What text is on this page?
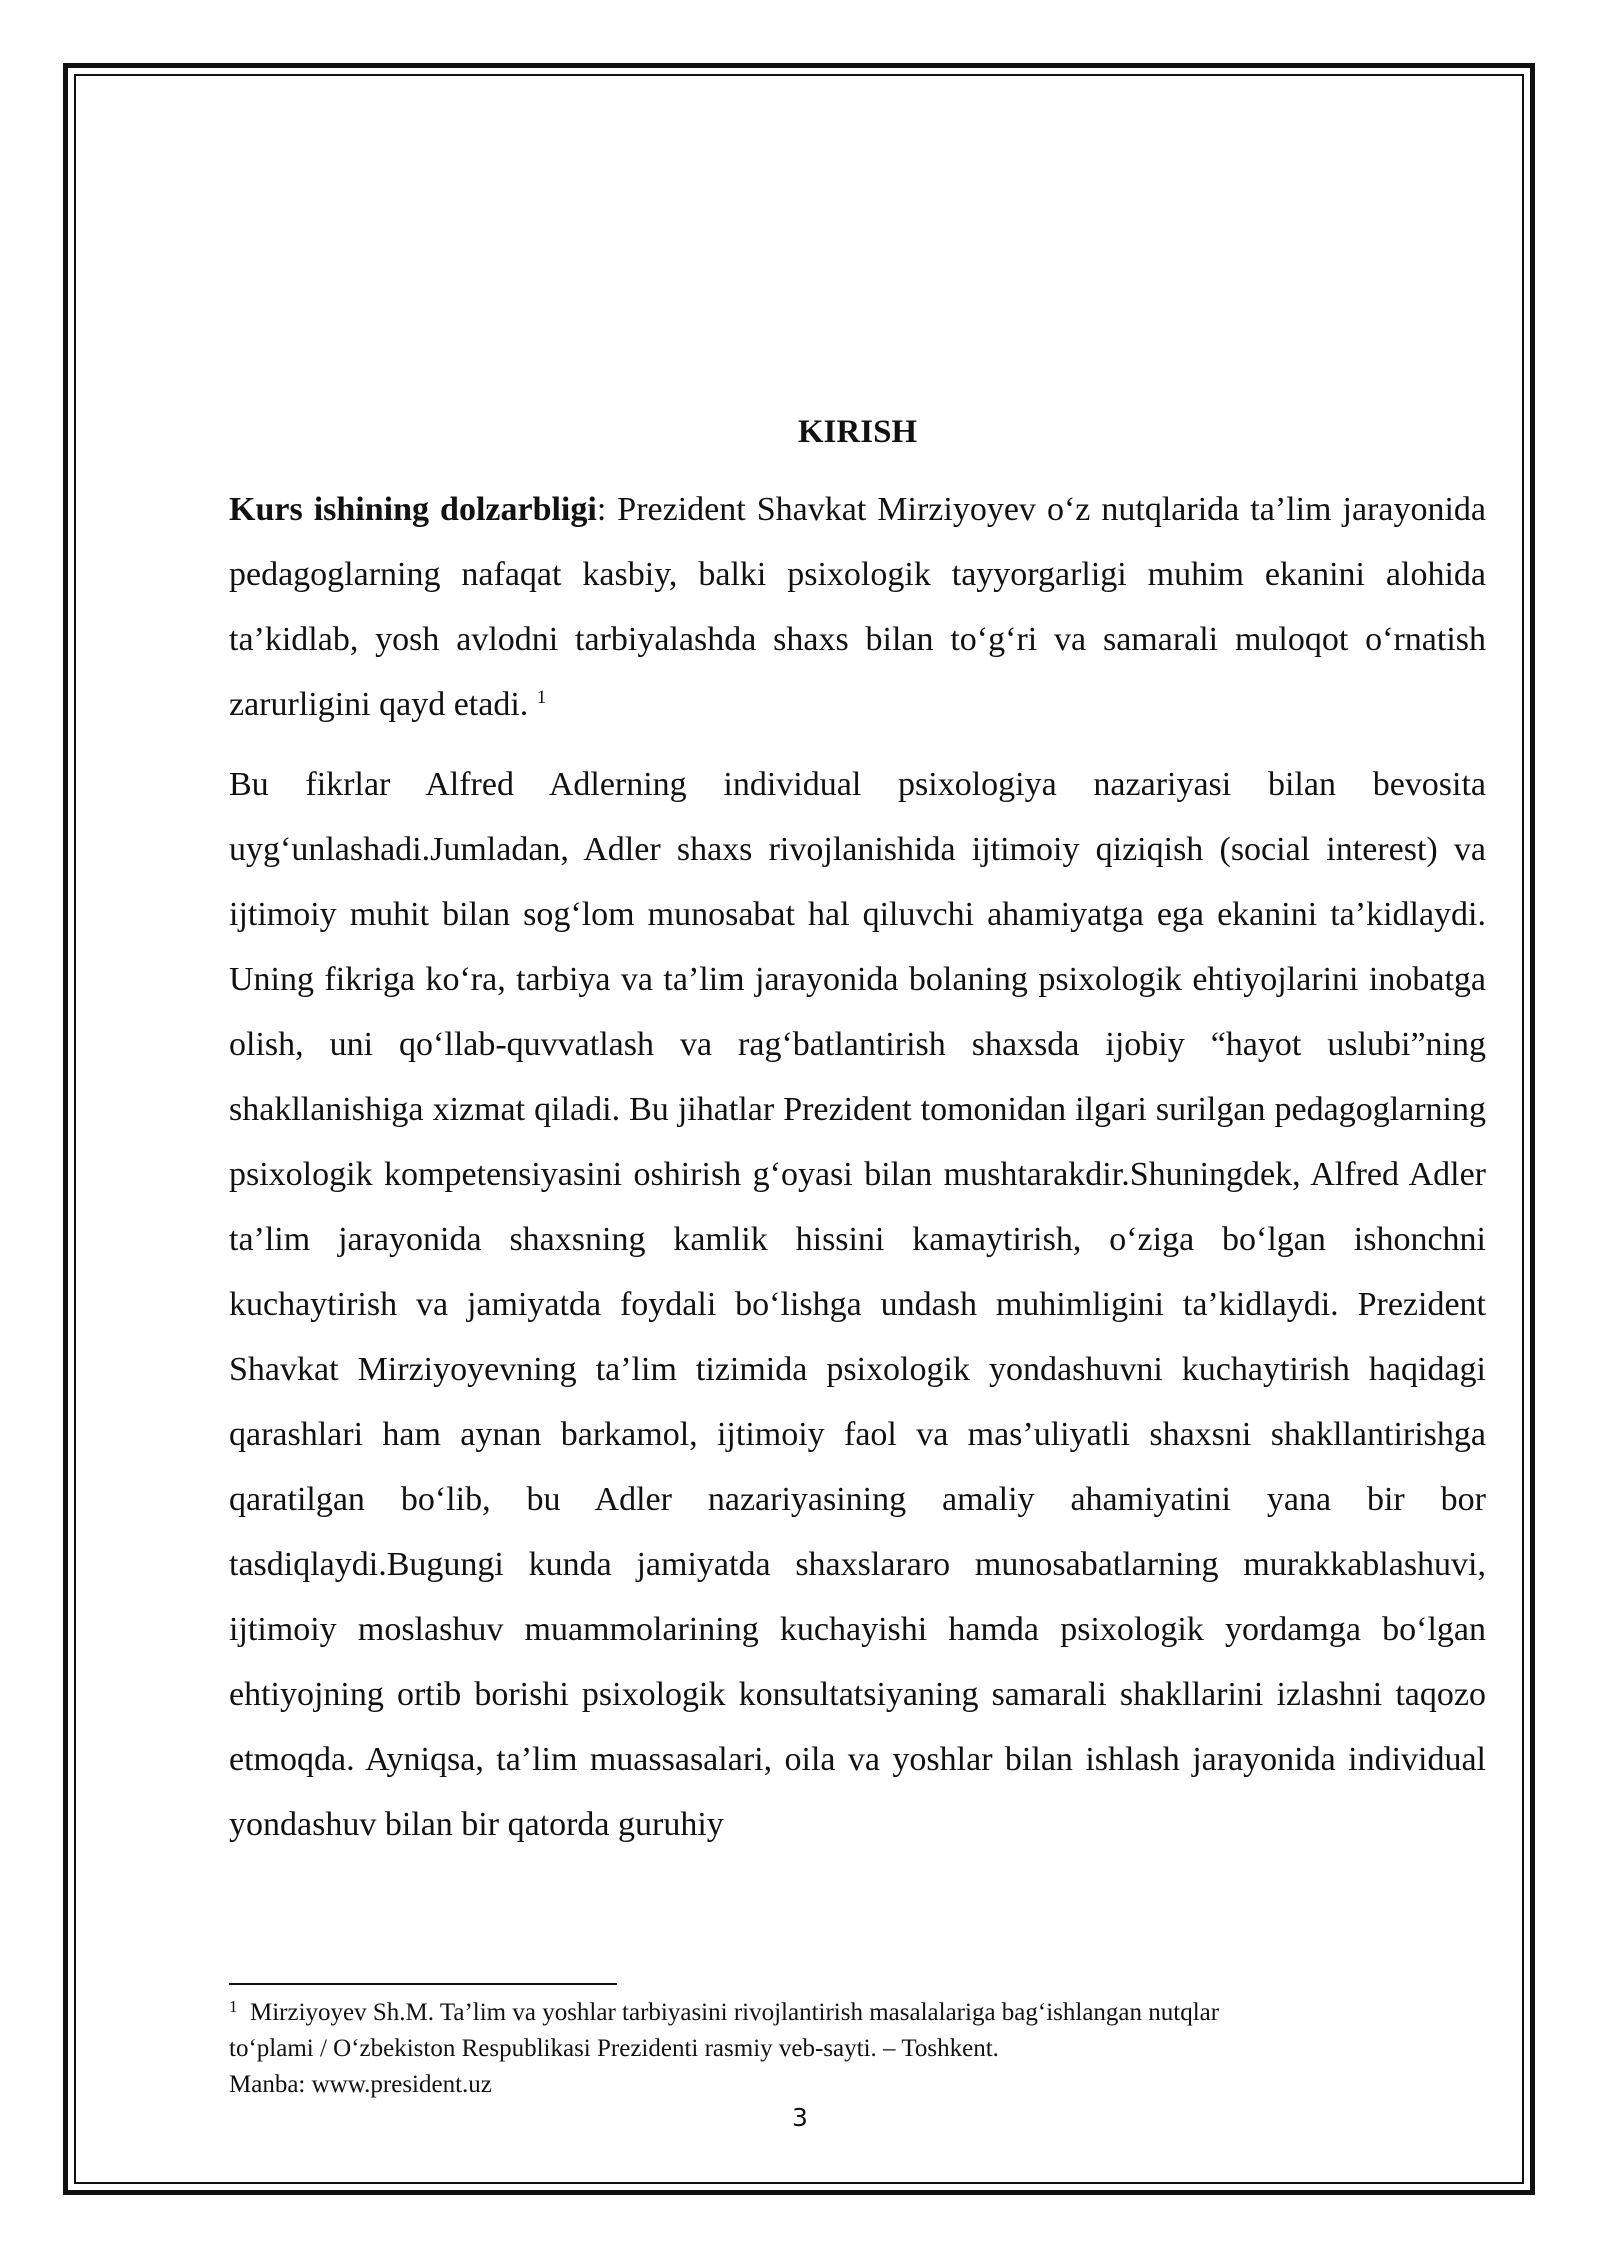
KIRISH

Kurs ishining dolzarbligi: Prezident Shavkat Mirziyoyev o‘z nutqlarida ta’lim jarayonida pedagoglarning nafaqat kasbiy, balki psixologik tayyorgarligi muhim ekanini alohida ta’kidlab, yosh avlodni tarbiyalashda shaxs bilan to‘g‘ri va samarali muloqot o‘rnatish zarurligini qayd etadi. $^1$

Bu fikrlar Alfred Adlerning individual psixologiya nazariyasi bilan bevosita uyg‘unlashadi.Jumladan, Adler shaxs rivojlanishida ijtimoiy qiziqish (social interest) va ijtimoiy muhit bilan sog‘lom munosabat hal qiluvchi ahamiyatga ega ekanini ta’kidlaydi. Uning fikriga ko‘ra, tarbiya va ta’lim jarayonida bolaning psixologik ehtiyojlarini inobatga olish, uni qo‘llab-quvvatlash va rag‘batlantirish shaxsda ijobiy “hayot uslubi”ning shakllanishiga xizmat qiladi. Bu jihatlar Prezident tomonidan ilgari surilgan pedagoglarning psixologik kompetensiyasini oshirish g‘oyasi bilan mushtarakdir.Shuningdek, Alfred Adler ta’lim jarayonida shaxsning kamlik hissini kamaytirish, o‘ziga bo‘lgan ishonchni kuchaytirish va jamiyatda foydali bo‘lishga undash muhimligini ta’kidlaydi. Prezident Shavkat Mirziyoyevning ta’lim tizimida psixologik yondashuvni kuchaytirish haqidagi qarashlari ham aynan barkamol, ijtimoiy faol va mas’uliyatli shaxsni shakllantirishga qaratilgan bo‘lib, bu Adler nazariyasining amaliy ahamiyatini yana bir bor tasdiqlaydi.Bugungi kunda jamiyatda shaxslararo munosabatlarning murakkablashuvi, ijtimoiy moslashuv muammolarining kuchayishi hamda psixologik yordamga bo‘lgan ehtiyojning ortib borishi psixologik konsultatsiyaning samarali shakllarini izlashni taqozo etmoqda. Ayniqsa, ta’lim muassasalari, oila va yoshlar bilan ishlash jarayonida individual yondashuv bilan bir qatorda guruhiy

$^1$ Mirziyoyev Sh.M. Ta’lim va yoshlar tarbiyasini rivojlantirish masalalariga bag‘ishlangan nutqlar
to‘plami / O‘zbekiston Respublikasi Prezidenti rasmiy veb-sayti. – Toshkent.
Manba: www.president.uz
3
